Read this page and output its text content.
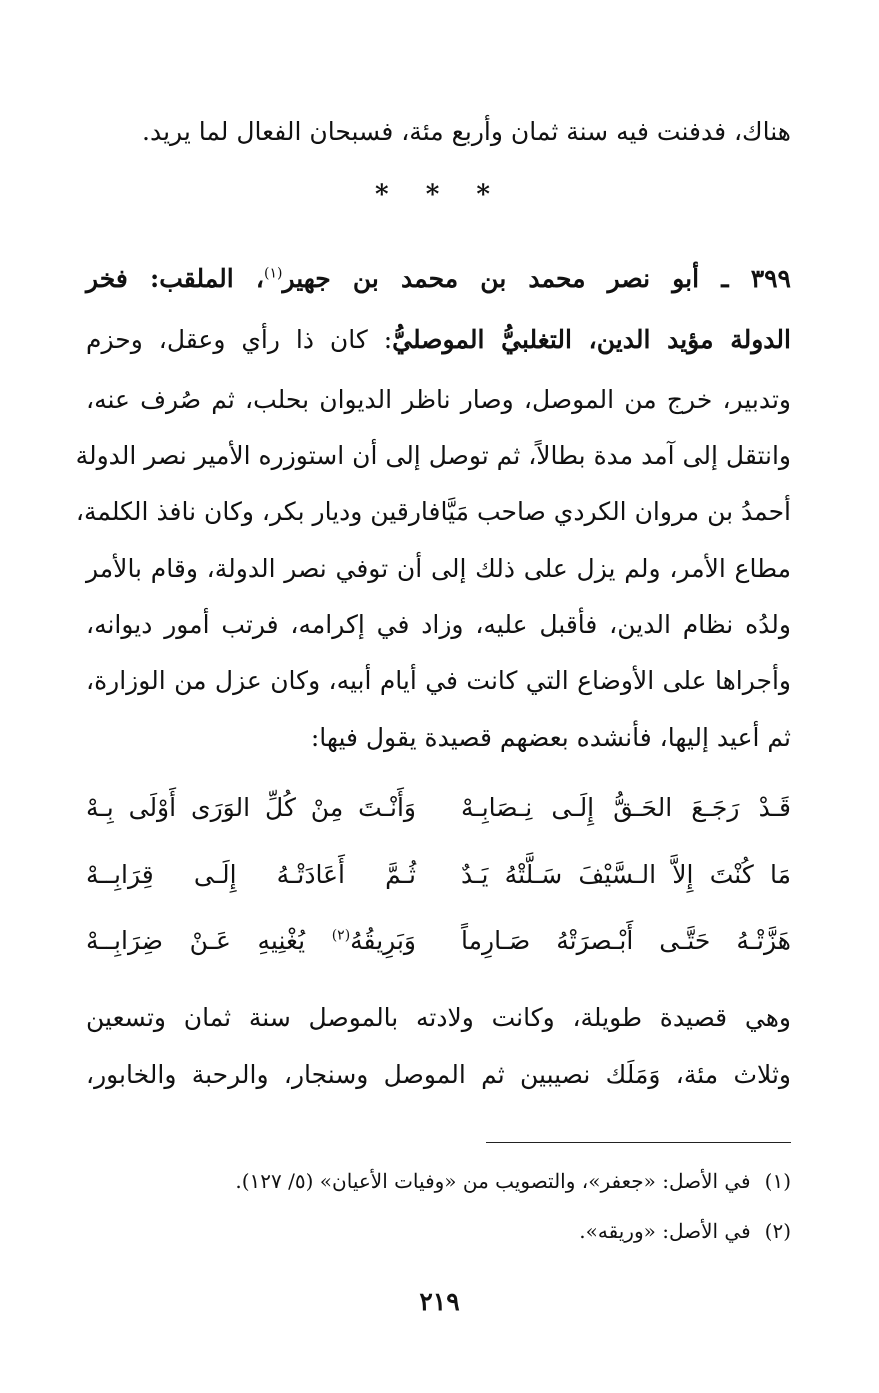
هناك، فدفنت فيه سنة ثمان وأربع مئة، فسبحان الفعال لما يريد.
* * *
٣٩٩ ـ أبو نصر محمد بن محمد بن جهير$^{(١)}$، الملقب: فخر
الدولة مؤيد الدين، التغلبيُّ الموصليُّ: كان ذا رأي وعقل، وحزم
وتدبير، خرج من الموصل، وصار ناظر الديوان بحلب، ثم صُرف عنه،
وانتقل إلى آمد مدة بطالاً، ثم توصل إلى أن استوزره الأمير نصر الدولة
أحمدُ بن مروان الكردي صاحب مَيَّافارقين وديار بكر، وكان نافذ الكلمة،
مطاع الأمر، ولم يزل على ذلك إلى أن توفي نصر الدولة، وقام بالأمر
ولدُه نظام الدين، فأقبل عليه، وزاد في إكرامه، فرتب أمور ديوانه،
وأجراها على الأوضاع التي كانت في أيام أبيه، وكان عزل من الوزارة،
ثم أعيد إليها، فأنشده بعضهم قصيدة يقول فيها:
قَـدْ رَجَـعَ الحَـقُّ إِلَـى نِـصَابِـهْ
وَأَنْـتَ مِنْ كُلِّ الوَرَى أَوْلَى بِـهْ
مَا كُنْتَ إِلاَّ الـسَّيْفَ سَـلَّتْهُ يَـدٌ
ثُـمَّ أَعَادَتْـهُ إِلَـى قِرَابِــهْ
هَزَّتْـهُ حَتَّـى أَبْـصرَتْهُ صَـارِماً
وَبَرِيقُهُ$^{(٢)}$ يُغْنِيهِ عَـنْ ضِرَابِــهْ
وهي قصيدة طويلة، وكانت ولادته بالموصل سنة ثمان وتسعين
وثلاث مئة، وَمَلَك نصيبين ثم الموصل وسنجار، والرحبة والخابور،
(١)في الأصل: «جعفر»، والتصويب من «وفيات الأعيان» (٥/ ١٢٧).
(٢)في الأصل: «وريقه».
٢١٩
